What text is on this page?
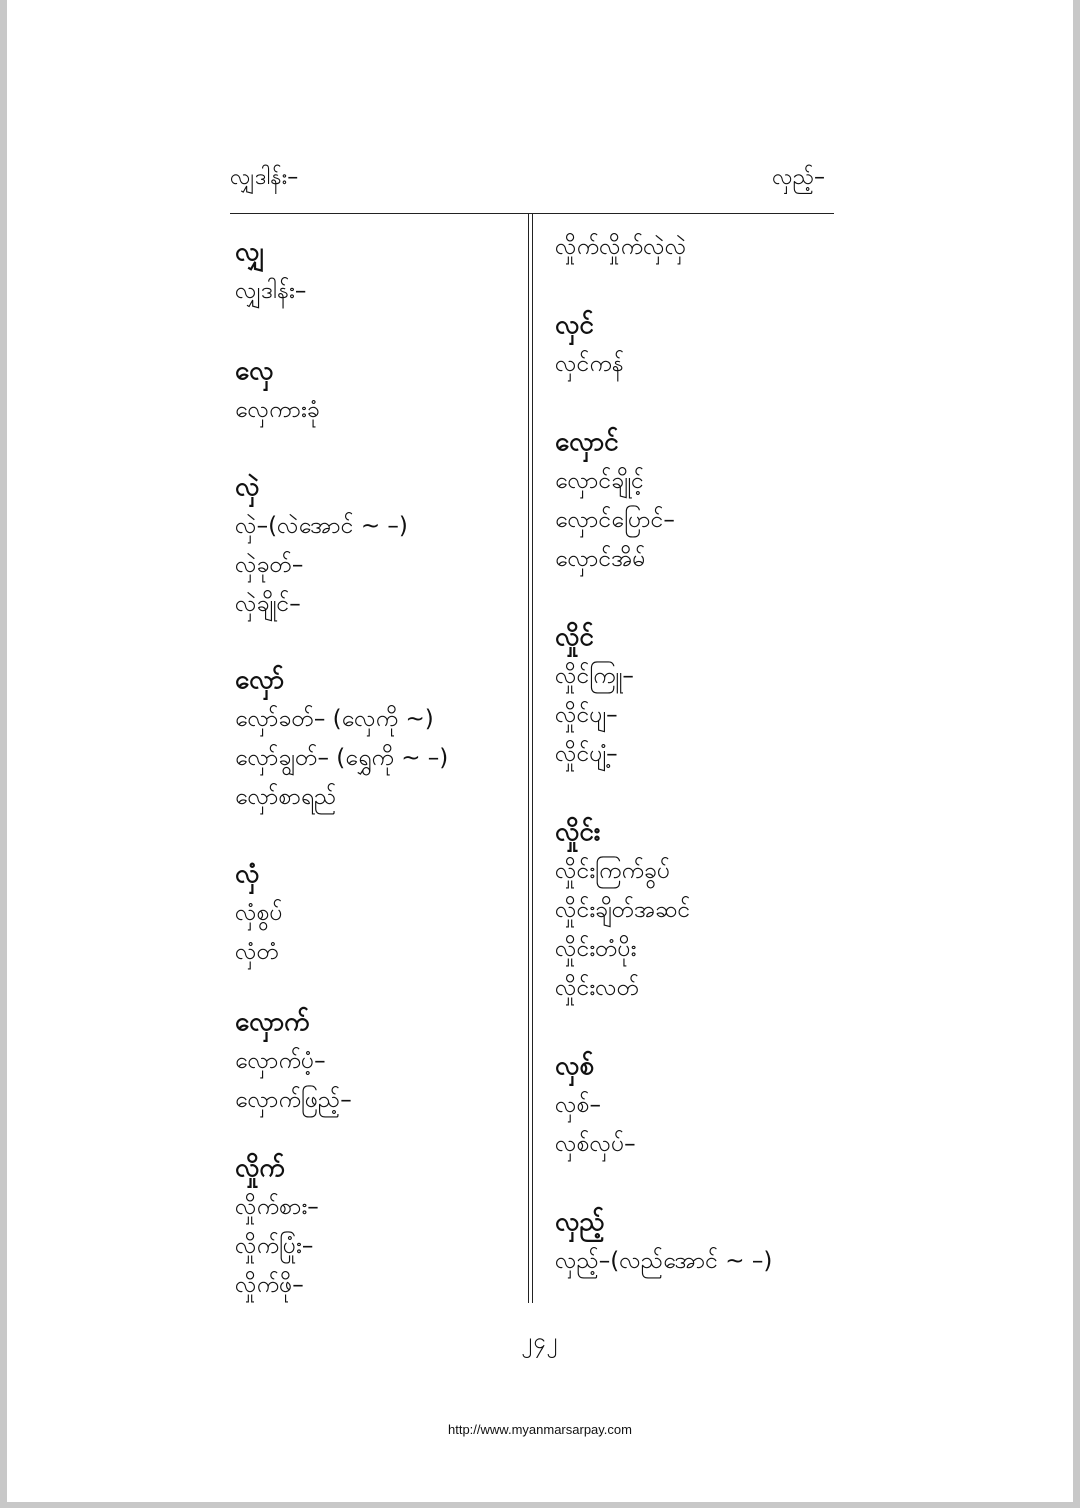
လျှဒါန်း–	လှည့်–
လျှ
လျှဒါန်း–
လှေ
လှေကားခုံ
လှဲ
လှဲ–(လဲအောင် ~ –)
လှဲခုတ်–
လှဲချိုင်–
လှော်
လှော်ခတ်– (လှေကို ~)
လှော်ချွတ်– (ရွှေကို ~ –)
လှော်စာရည်
လှံ
လှံစွပ်
လှံတံ
လှောက်
လှောက်ပံ့–
လှောက်ဖြည့်–
လှိုက်
လှိုက်စား–
လှိုက်ပြုံး–
လှိုက်ဖို–
လှိုက်လှိုက်လှဲလှဲ
လှင်
လှင်ကန်
လှောင်
လှောင်ချိုင့်
လှောင်ပြောင်–
လှောင်အိမ်
လှိုင်
လှိုင်ကြူ–
လှိုင်ပျ–
လှိုင်ပျံ့–
လှိုင်း
လှိုင်းကြက်ခွပ်
လှိုင်းချိတ်အဆင်
လှိုင်းတံပိုး
လှိုင်းလတ်
လှစ်
လှစ်–
လှစ်လှပ်–
လှည့်
လှည့်–(လည်အောင် ~ –)
၂၄၂
http://www.myanmarsarpay.com
